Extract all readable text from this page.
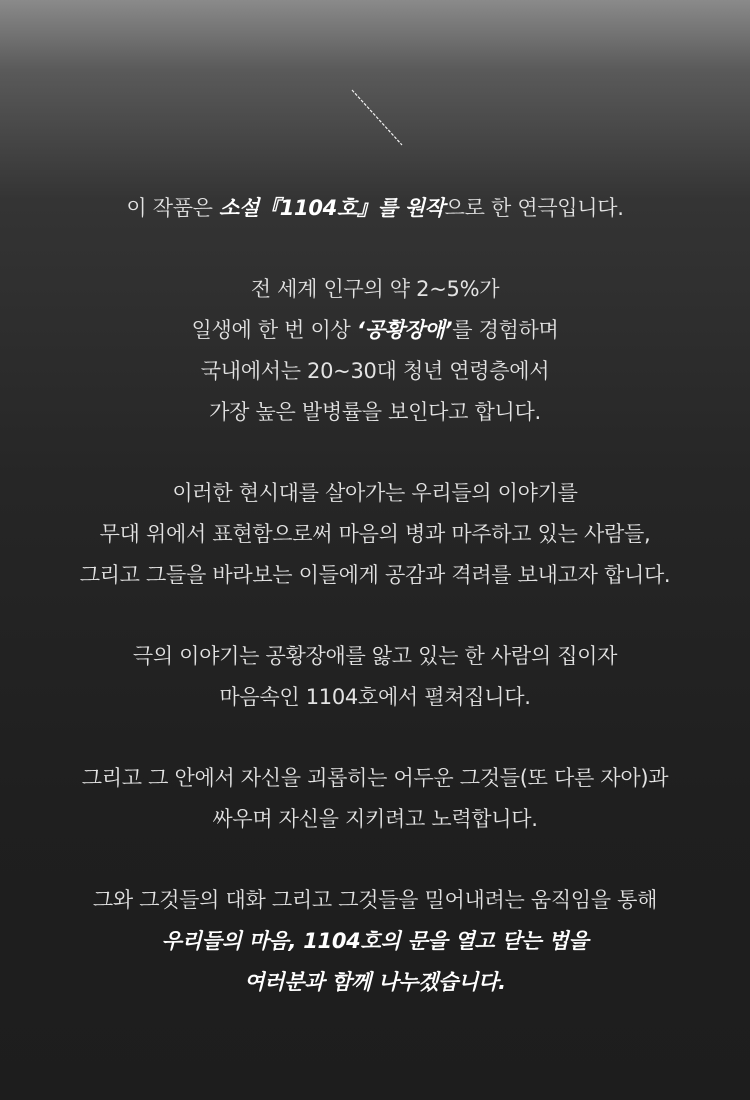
이 작품은 소설『1104호』를 원작으로 한 연극입니다.
전 세계 인구의 약 2~5%가
일생에 한 번 이상 ‘공황장애’를 경험하며
국내에서는 20~30대 청년 연령층에서
가장 높은 발병률을 보인다고 합니다.
이러한 현시대를 살아가는 우리들의 이야기를
무대 위에서 표현함으로써 마음의 병과 마주하고 있는 사람들,
그리고 그들을 바라보는 이들에게 공감과 격려를 보내고자 합니다.
극의 이야기는 공황장애를 앓고 있는 한 사람의 집이자
마음속인 1104호에서 펼쳐집니다.
그리고 그 안에서 자신을 괴롭히는 어두운 그것들(또 다른 자아)과
싸우며 자신을 지키려고 노력합니다.
그와 그것들의 대화 그리고 그것들을 밀어내려는 움직임을 통해
우리들의 마음, 1104호의 문을 열고 닫는 법을
여러분과 함께 나누겠습니다.
